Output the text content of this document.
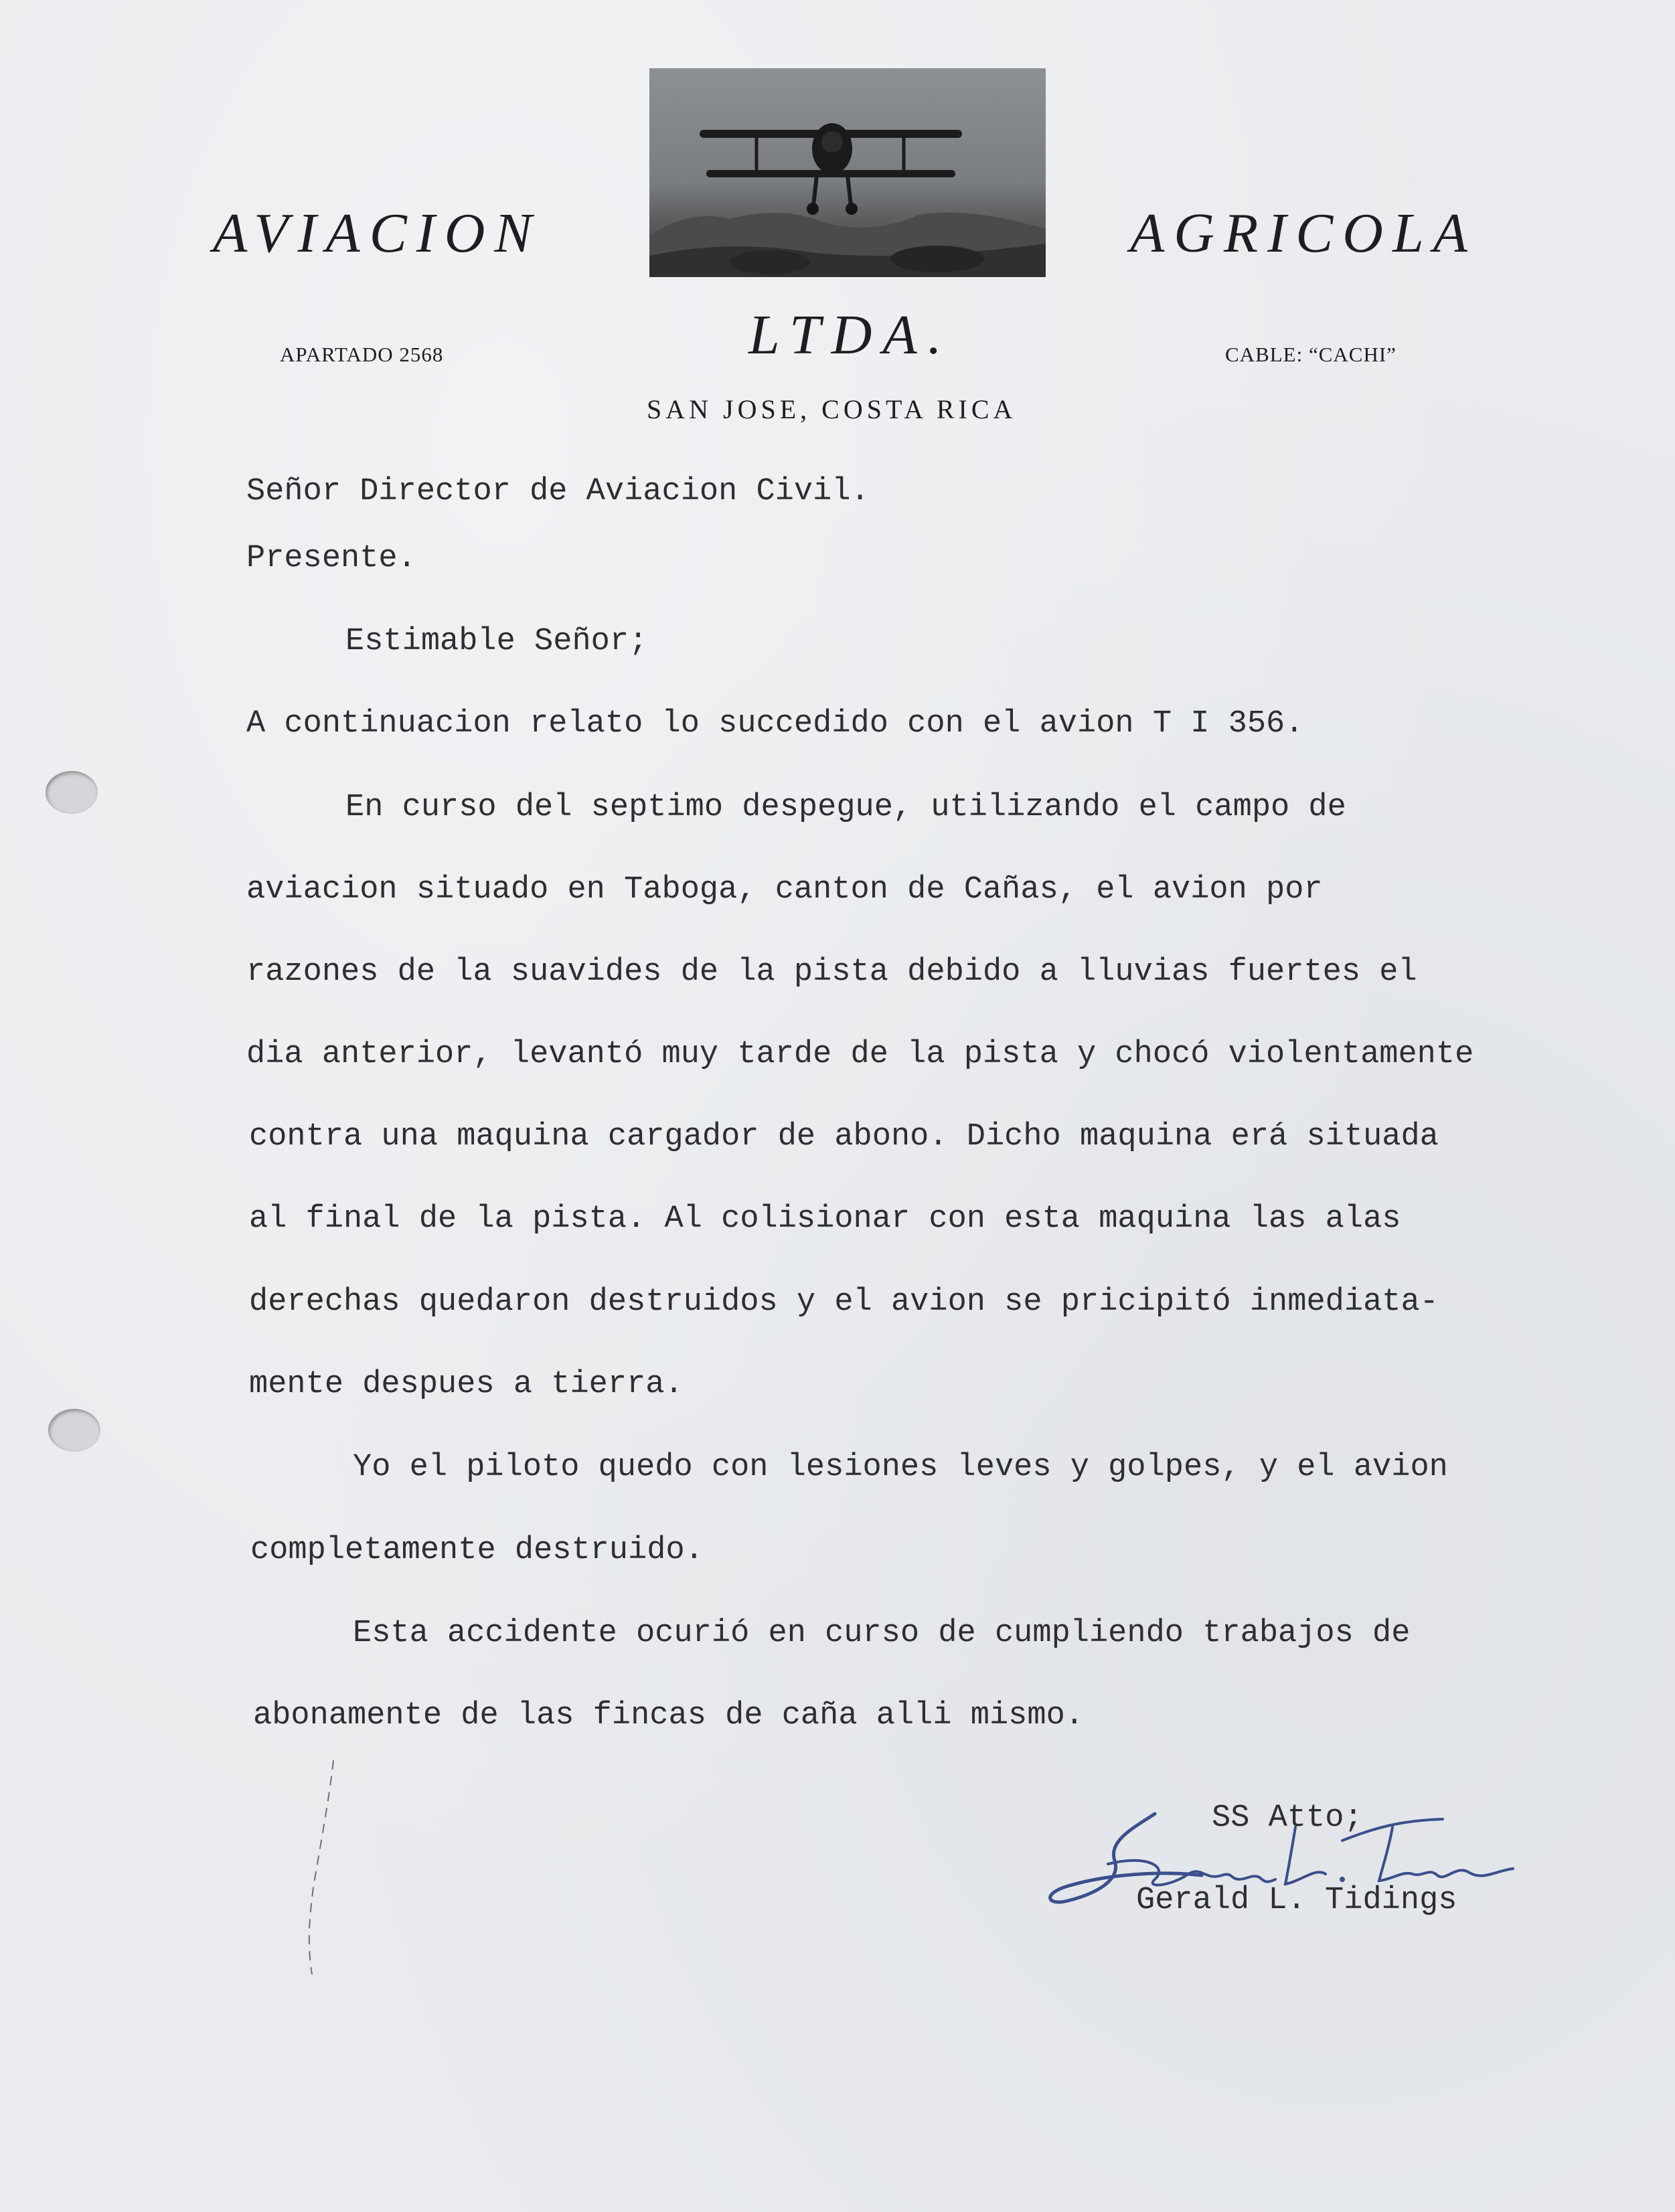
AVIACION	AGRICOLA
LTDA.
APARTADO 2568	CABLE: “CACHI”
SAN JOSE, COSTA RICA
Señor Director de Aviacion Civil.
Presente.
Estimable Señor;
A continuacion relato lo succedido con el avion T I 356.
En curso del septimo despegue, utilizando el campo de
aviacion situado en Taboga, canton de Cañas, el avion por
razones de la suavides de la pista debido a lluvias fuertes el
dia anterior, levantó muy tarde de la pista y chocó violentamente
contra una maquina cargador de abono. Dicho maquina erá situada
al final de la pista. Al colisionar con esta maquina las alas
derechas quedaron destruidos y el avion se pricipitó inmediata-
mente despues a tierra.
Yo el piloto quedo con lesiones leves y golpes, y el avion
completamente destruido.
Esta accidente ocurió en curso de cumpliendo trabajos de
abonamente de las fincas de caña alli mismo.
SS Atto;
Gerald L. Tidings
